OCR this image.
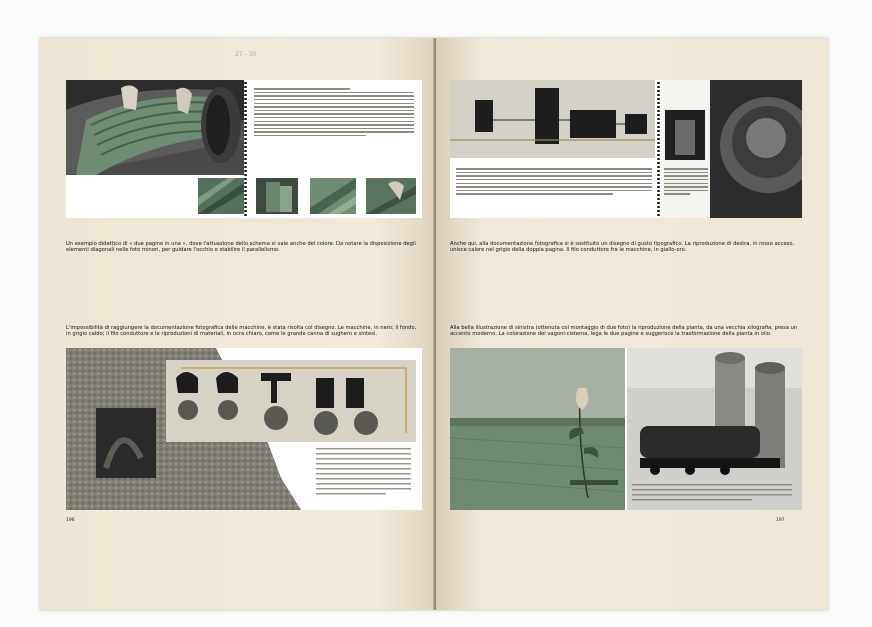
27 - 30
Un esempio didattico di « due pagine in una », dove l'attuazione dello schema si vale anche del colore. Da notare la disposizione degli elementi diagonali nelle foto minori, per guidare l'occhio e stabilire il parallelismo.
L'impossibilità di raggiungere la documentazione fotografica delle macchine, è stata risolta col disegno. Le macchine, in nero; il fondo, in grigio caldo; il filo conduttore e le riproduzioni di materiali, in ocra chiaro, come le grande canna di sughero e sintesi.
196
Anche qui, alla documentazione fotografica si è sostituito un disegno di gusto tipografico. La riproduzione di destra, in rosso acceso, unisce calore nel grigio della doppia pagina. Il filo conduttore fra le macchine, in giallo-oro.
Alla bella illustrazione di sinistra (ottenuta col montaggio di due foto) la riproduzione della pianta, da una vecchia xilografia, presa un accento moderno. La colorazione dei vagoni-cisterna, lega le due pagine e suggerisce la trasformazione della pianta in olio.
197
